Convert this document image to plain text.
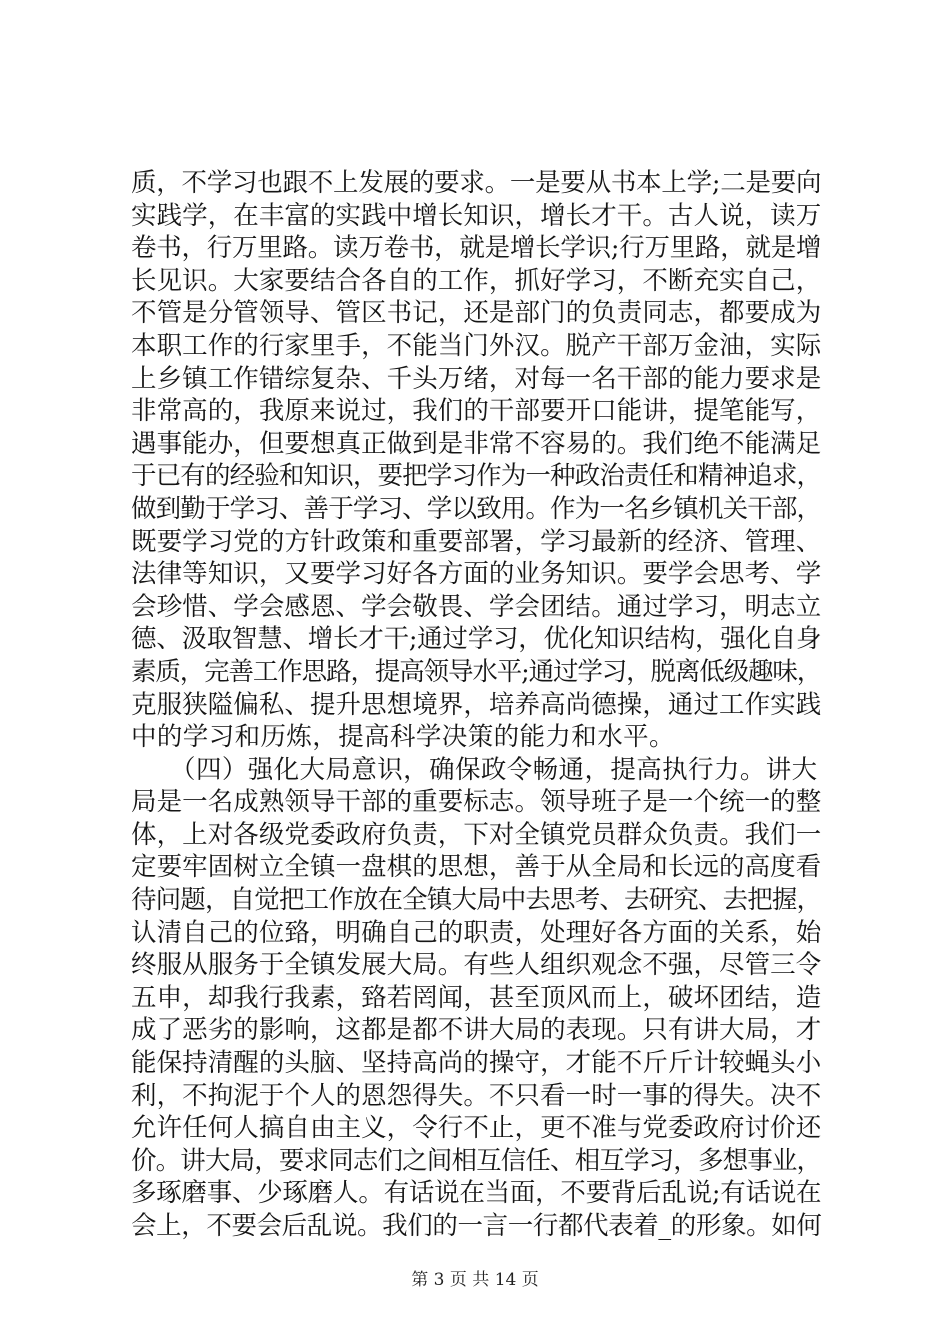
质，不学习也跟不上发展的要求。一是要从书本上学;二是要向
实践学，在丰富的实践中增长知识，增长才干。古人说，读万
卷书，行万里路。读万卷书，就是增长学识;行万里路，就是增
长见识。大家要结合各自的工作，抓好学习，不断充实自己，
不管是分管领导、管区书记，还是部门的负责同志，都要成为
本职工作的行家里手，不能当门外汉。脱产干部万金油，实际
上乡镇工作错综复杂、千头万绪，对每一名干部的能力要求是
非常高的，我原来说过，我们的干部要开口能讲，提笔能写，
遇事能办，但要想真正做到是非常不容易的。我们绝不能满足
于已有的经验和知识，要把学习作为一种政治责任和精神追求，
做到勤于学习、善于学习、学以致用。作为一名乡镇机关干部，
既要学习党的方针政策和重要部署，学习最新的经济、管理、
法律等知识，又要学习好各方面的业务知识。要学会思考、学
会珍惜、学会感恩、学会敬畏、学会团结。通过学习，明志立
德、汲取智慧、增长才干;通过学习，优化知识结构，强化自身
素质，完善工作思路，提高领导水平;通过学习，脱离低级趣味，
克服狭隘偏私、提升思想境界，培养高尚德操，通过工作实践
中的学习和历炼，提高科学决策的能力和水平。
　　（四）强化大局意识，确保政令畅通，提高执行力。讲大
局是一名成熟领导干部的重要标志。领导班子是一个统一的整
体，上对各级党委政府负责，下对全镇党员群众负责。我们一
定要牢固树立全镇一盘棋的思想，善于从全局和长远的高度看
待问题，自觉把工作放在全镇大局中去思考、去研究、去把握，
认清自己的位臵，明确自己的职责，处理好各方面的关系，始
终服从服务于全镇发展大局。有些人组织观念不强，尽管三令
五申，却我行我素，臵若罔闻，甚至顶风而上，破坏团结，造
成了恶劣的影响，这都是都不讲大局的表现。只有讲大局，才
能保持清醒的头脑、坚持高尚的操守，才能不斤斤计较蝇头小
利，不拘泥于个人的恩怨得失。不只看一时一事的得失。决不
允许任何人搞自由主义，令行不止，更不准与党委政府讨价还
价。讲大局，要求同志们之间相互信任、相互学习，多想事业，
多琢磨事、少琢磨人。有话说在当面，不要背后乱说;有话说在
会上，不要会后乱说。我们的一言一行都代表着_的形象。如何

第 3 页 共 14 页
